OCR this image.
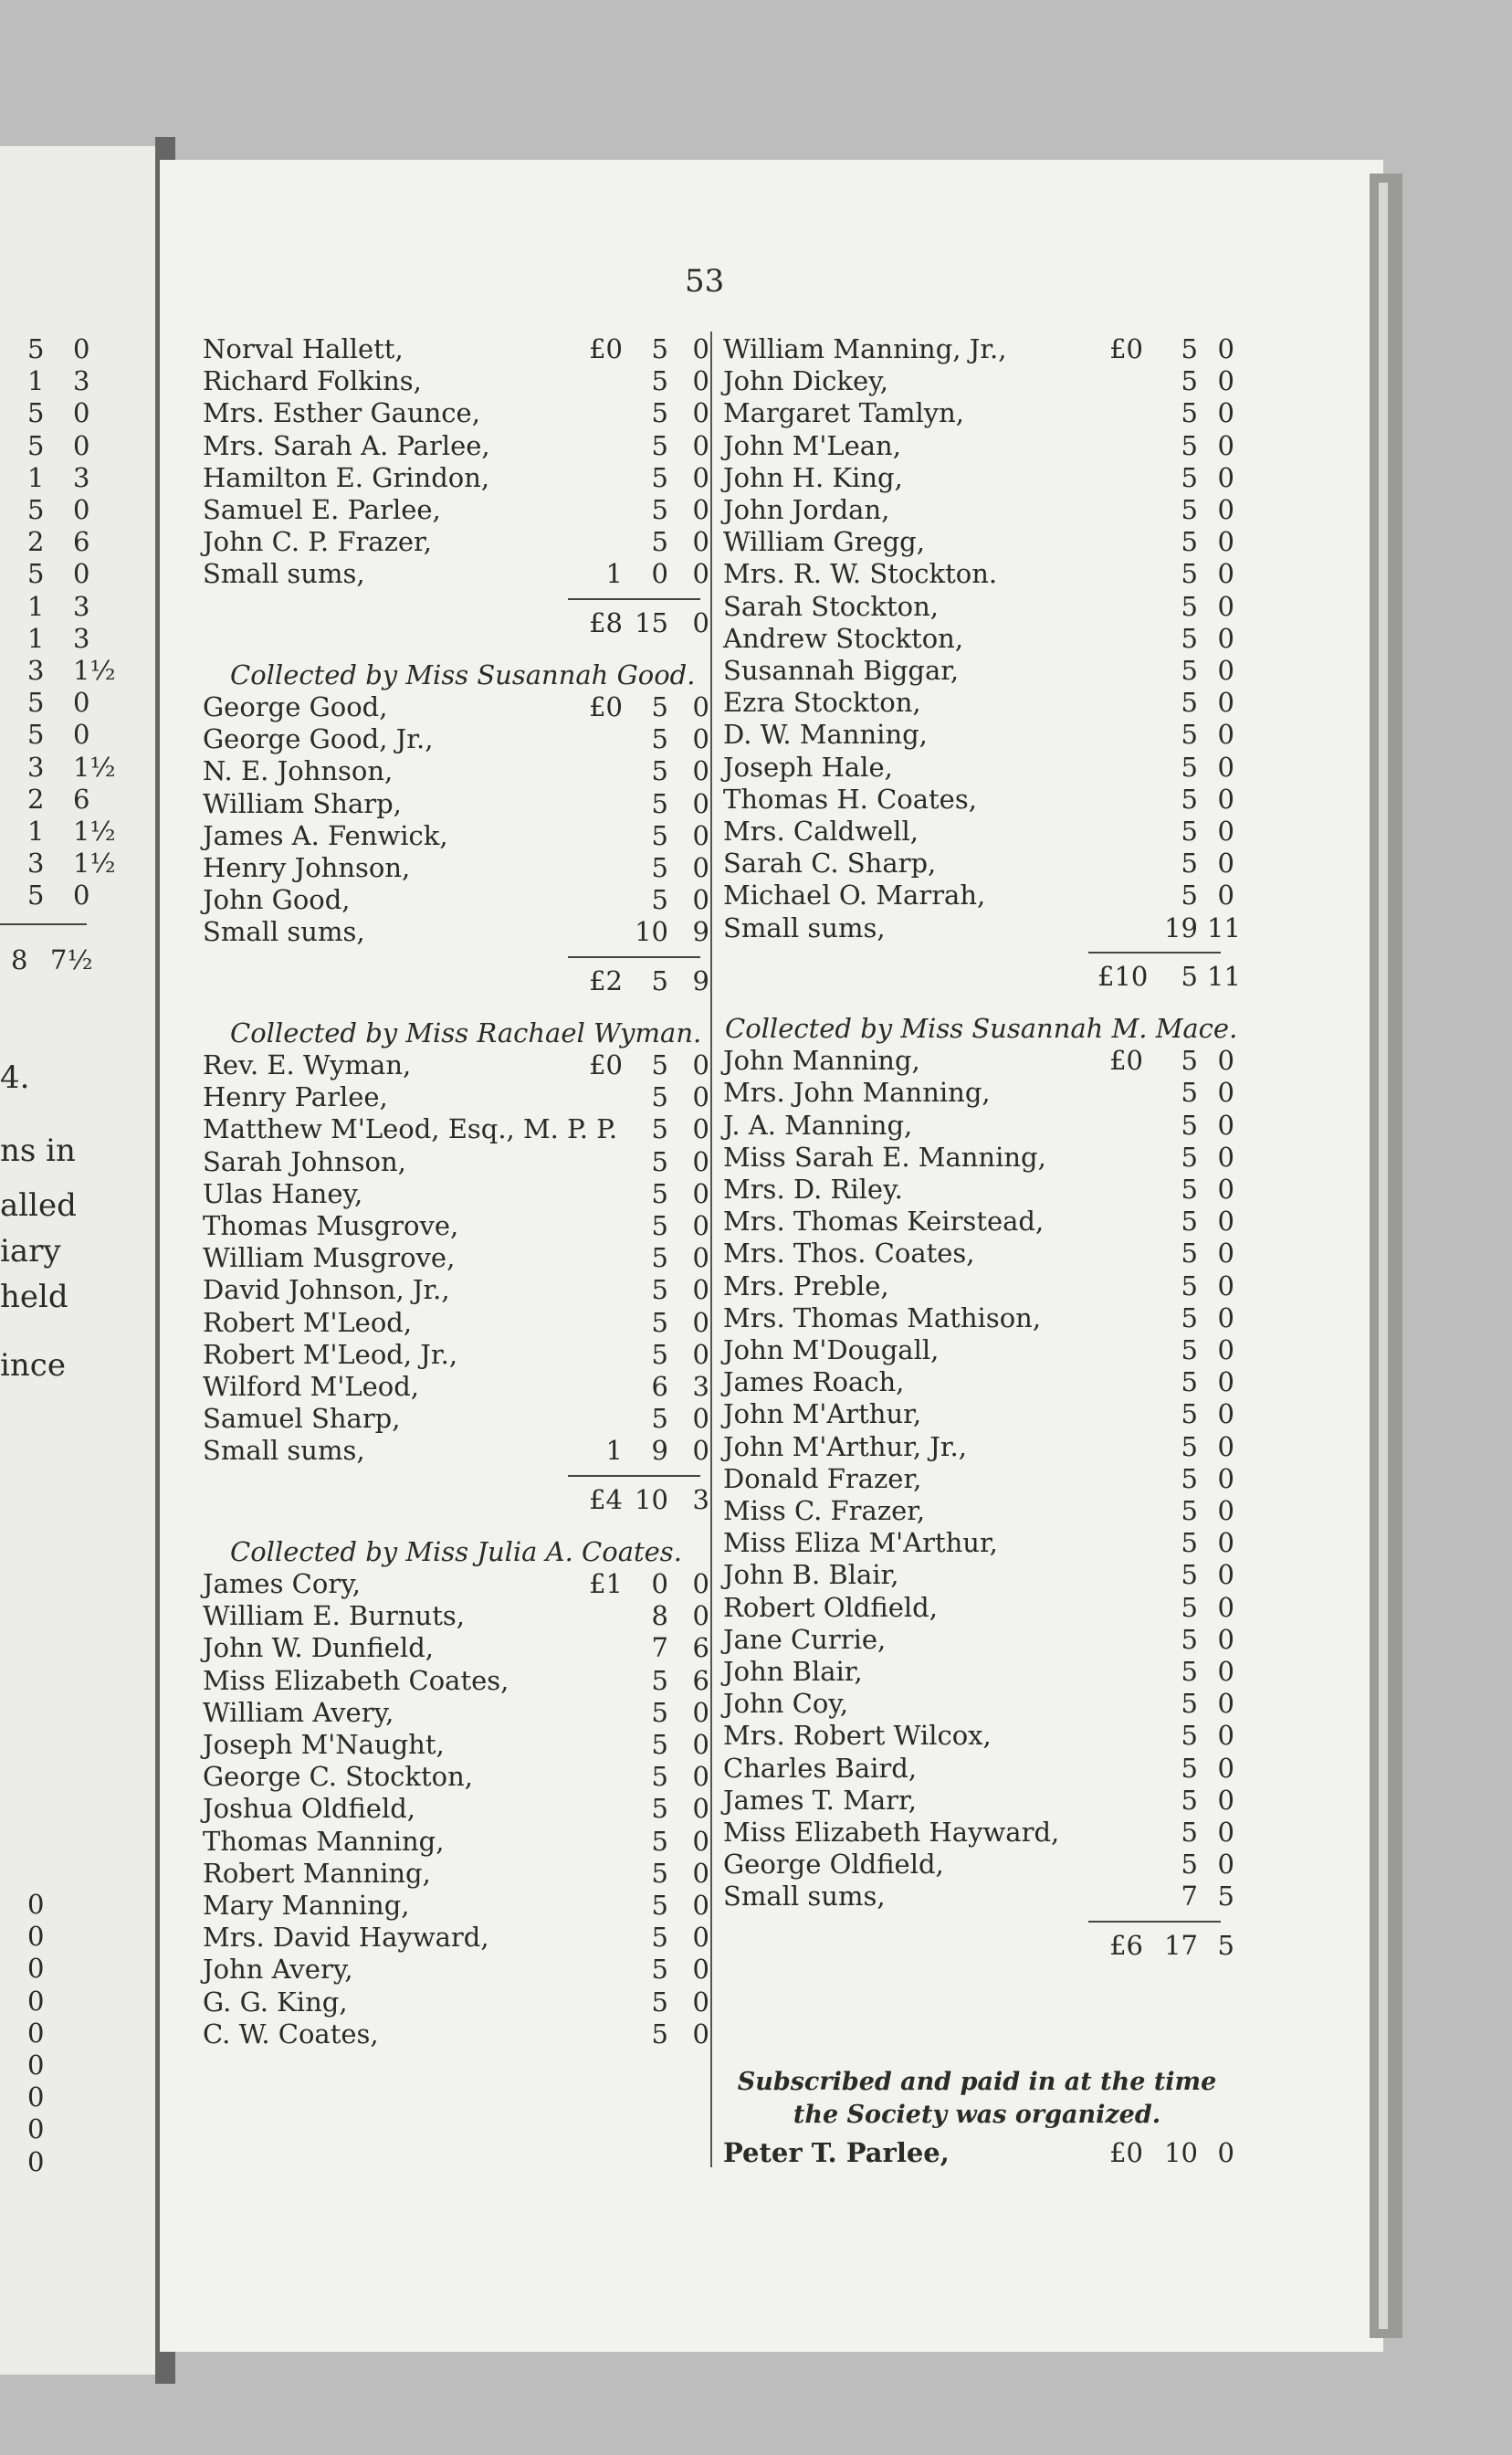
53
Subscribed and paid in at the time the Society was organized.
Norval Hallett,	£0	5 0
Richard Folkins,	5 0
Mrs. Esther Gaunce,	5 0
Mrs. Sarah A. Parlee,	5 0
Hamilton E. Grindon,	5 0
Samuel E. Parlee,	5 0
John C. P. Frazer,	5 0
Small sums,	1	0 0
£8 15 0
Collected by Miss Susannah Good.
George Good,	£0	5 0
George Good, Jr.,	5 0
N. E. Johnson,	5 0
William Sharp,	5 0
James A. Fenwick,	5 0
Henry Johnson,	5 0
John Good,	5 0
Small sums,	10 9
£2	5 9
Collected by Miss Rachael Wyman.
Rev. E. Wyman,	£0	5 0
Henry Parlee,	5 0
Matthew M'Leod, Esq., M. P. P.	5 0
Sarah Johnson,	5 0
Ulas Haney,	5 0
Thomas Musgrove,	5 0
William Musgrove,	5 0
David Johnson, Jr.,	5 0
Robert M'Leod,	5 0
Robert M'Leod, Jr.,	5 0
Wilford M'Leod,	6 3
Samuel Sharp,	5 0
Small sums,	1	9 0
£4 10 3
Collected by Miss Julia A. Coates.
James Cory,	£1	0 0
William E. Burnuts,	8 0
John W. Dunfield,	7 6
Miss Elizabeth Coates,	5 6
William Avery,	5 0
Joseph M'Naught,	5 0
George C. Stockton,	5 0
Joshua Oldfield,	5 0
Thomas Manning,	5 0
Robert Manning,	5 0
Mary Manning,	5 0
Mrs. David Hayward,	5 0
John Avery,	5 0
G. G. King,	5 0
C. W. Coates,	5 0
William Manning, Jr.,	£0	5 0
John Dickey,	5 0
Margaret Tamlyn,	5 0
John M'Lean,	5 0
John H. King,	5 0
John Jordan,	5 0
William Gregg,	5 0
Mrs. R. W. Stockton.	5 0
Sarah Stockton,	5 0
Andrew Stockton,	5 0
Susannah Biggar,	5 0
Ezra Stockton,	5 0
D. W. Manning,	5 0
Joseph Hale,	5 0
Thomas H. Coates,	5 0
Mrs. Caldwell,	5 0
Sarah C. Sharp,	5 0
Michael O. Marrah,	5 0
Small sums,	19 11
£10	5 11
Collected by Miss Susannah M. Mace.
John Manning,	£0	5 0
Mrs. John Manning,	5 0
J. A. Manning,	5 0
Miss Sarah E. Manning,	5 0
Mrs. D. Riley.	5 0
Mrs. Thomas Keirstead,	5 0
Mrs. Thos. Coates,	5 0
Mrs. Preble,	5 0
Mrs. Thomas Mathison,	5 0
John M'Dougall,	5 0
James Roach,	5 0
John M'Arthur,	5 0
John M'Arthur, Jr.,	5 0
Donald Frazer,	5 0
Miss C. Frazer,	5 0
Miss Eliza M'Arthur,	5 0
John B. Blair,	5 0
Robert Oldfield,	5 0
Jane Currie,	5 0
John Blair,	5 0
John Coy,	5 0
Mrs. Robert Wilcox,	5 0
Charles Baird,	5 0
James T. Marr,	5 0
Miss Elizabeth Hayward,	5 0
George Oldfield,	5 0
Small sums,	7 5
£6 17 5
Peter T. Parlee,	£0 10 0
5 0
1 3
5 0
5 0
1 3
5 0
2 6
5 0
1 3
1 3
3 1½
5 0
5 0
3 1½
2 6
1 1½
3 1½
5 0
8 7½
4.
ns in
alled
iary
held
ince
0
0
0
0
0
0
0
0
0
